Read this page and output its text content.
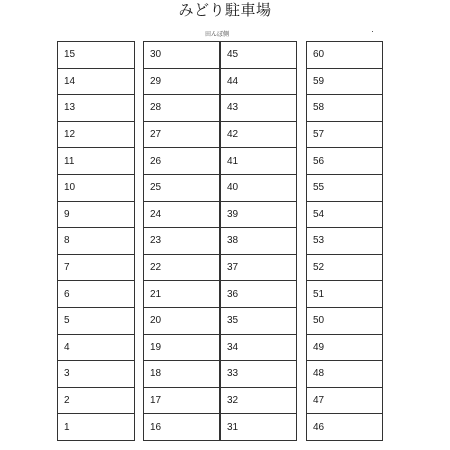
みどり駐車場
田んぼ側
15
14
13
12
11
10
9
8
7
6
5
4
3
2
1
30
29
28
27
26
25
24
23
22
21
20
19
18
17
16
45
44
43
42
41
40
39
38
37
36
35
34
33
32
31
60
59
58
57
56
55
54
53
52
51
50
49
48
47
46
